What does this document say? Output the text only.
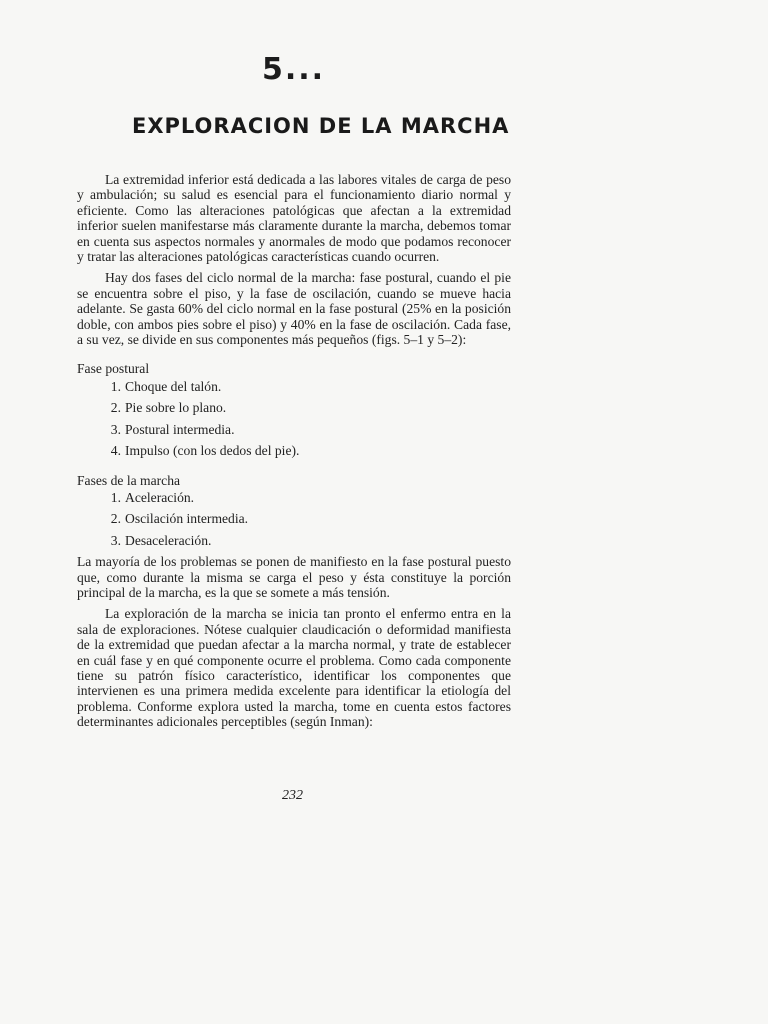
5...
EXPLORACION DE LA MARCHA

La extremidad inferior está dedicada a las labores vitales de carga de peso y ambulación; su salud es esencial para el funcionamiento diario normal y eficiente. Como las alteraciones patológicas que afectan a la extremidad inferior suelen manifestarse más claramente durante la marcha, debemos tomar en cuenta sus aspectos normales y anormales de modo que podamos reconocer y tratar las alteraciones patológicas características cuando ocurren.

Hay dos fases del ciclo normal de la marcha: fase postural, cuando el pie se encuentra sobre el piso, y la fase de oscilación, cuando se mueve hacia adelante. Se gasta 60% del ciclo normal en la fase postural (25% en la posición doble, con ambos pies sobre el piso) y 40% en la fase de oscilación. Cada fase, a su vez, se divide en sus componentes más pequeños (figs. 5–1 y 5–2):

Fase postural
1. Choque del talón.
2. Pie sobre lo plano.
3. Postural intermedia.
4. Impulso (con los dedos del pie).
Fases de la marcha
1. Aceleración.
2. Oscilación intermedia.
3. Desaceleración.

La mayoría de los problemas se ponen de manifiesto en la fase postural puesto que, como durante la misma se carga el peso y ésta constituye la porción principal de la marcha, es la que se somete a más tensión.

La exploración de la marcha se inicia tan pronto el enfermo entra en la sala de exploraciones. Nótese cualquier claudicación o deformidad manifiesta de la extremidad que puedan afectar a la marcha normal, y trate de establecer en cuál fase y en qué componente ocurre el problema. Como cada componente tiene su patrón físico característico, identificar los componentes que intervienen es una primera medida excelente para identificar la etiología del problema. Conforme explora usted la marcha, tome en cuenta estos factores determinantes adicionales perceptibles (según Inman):

232
